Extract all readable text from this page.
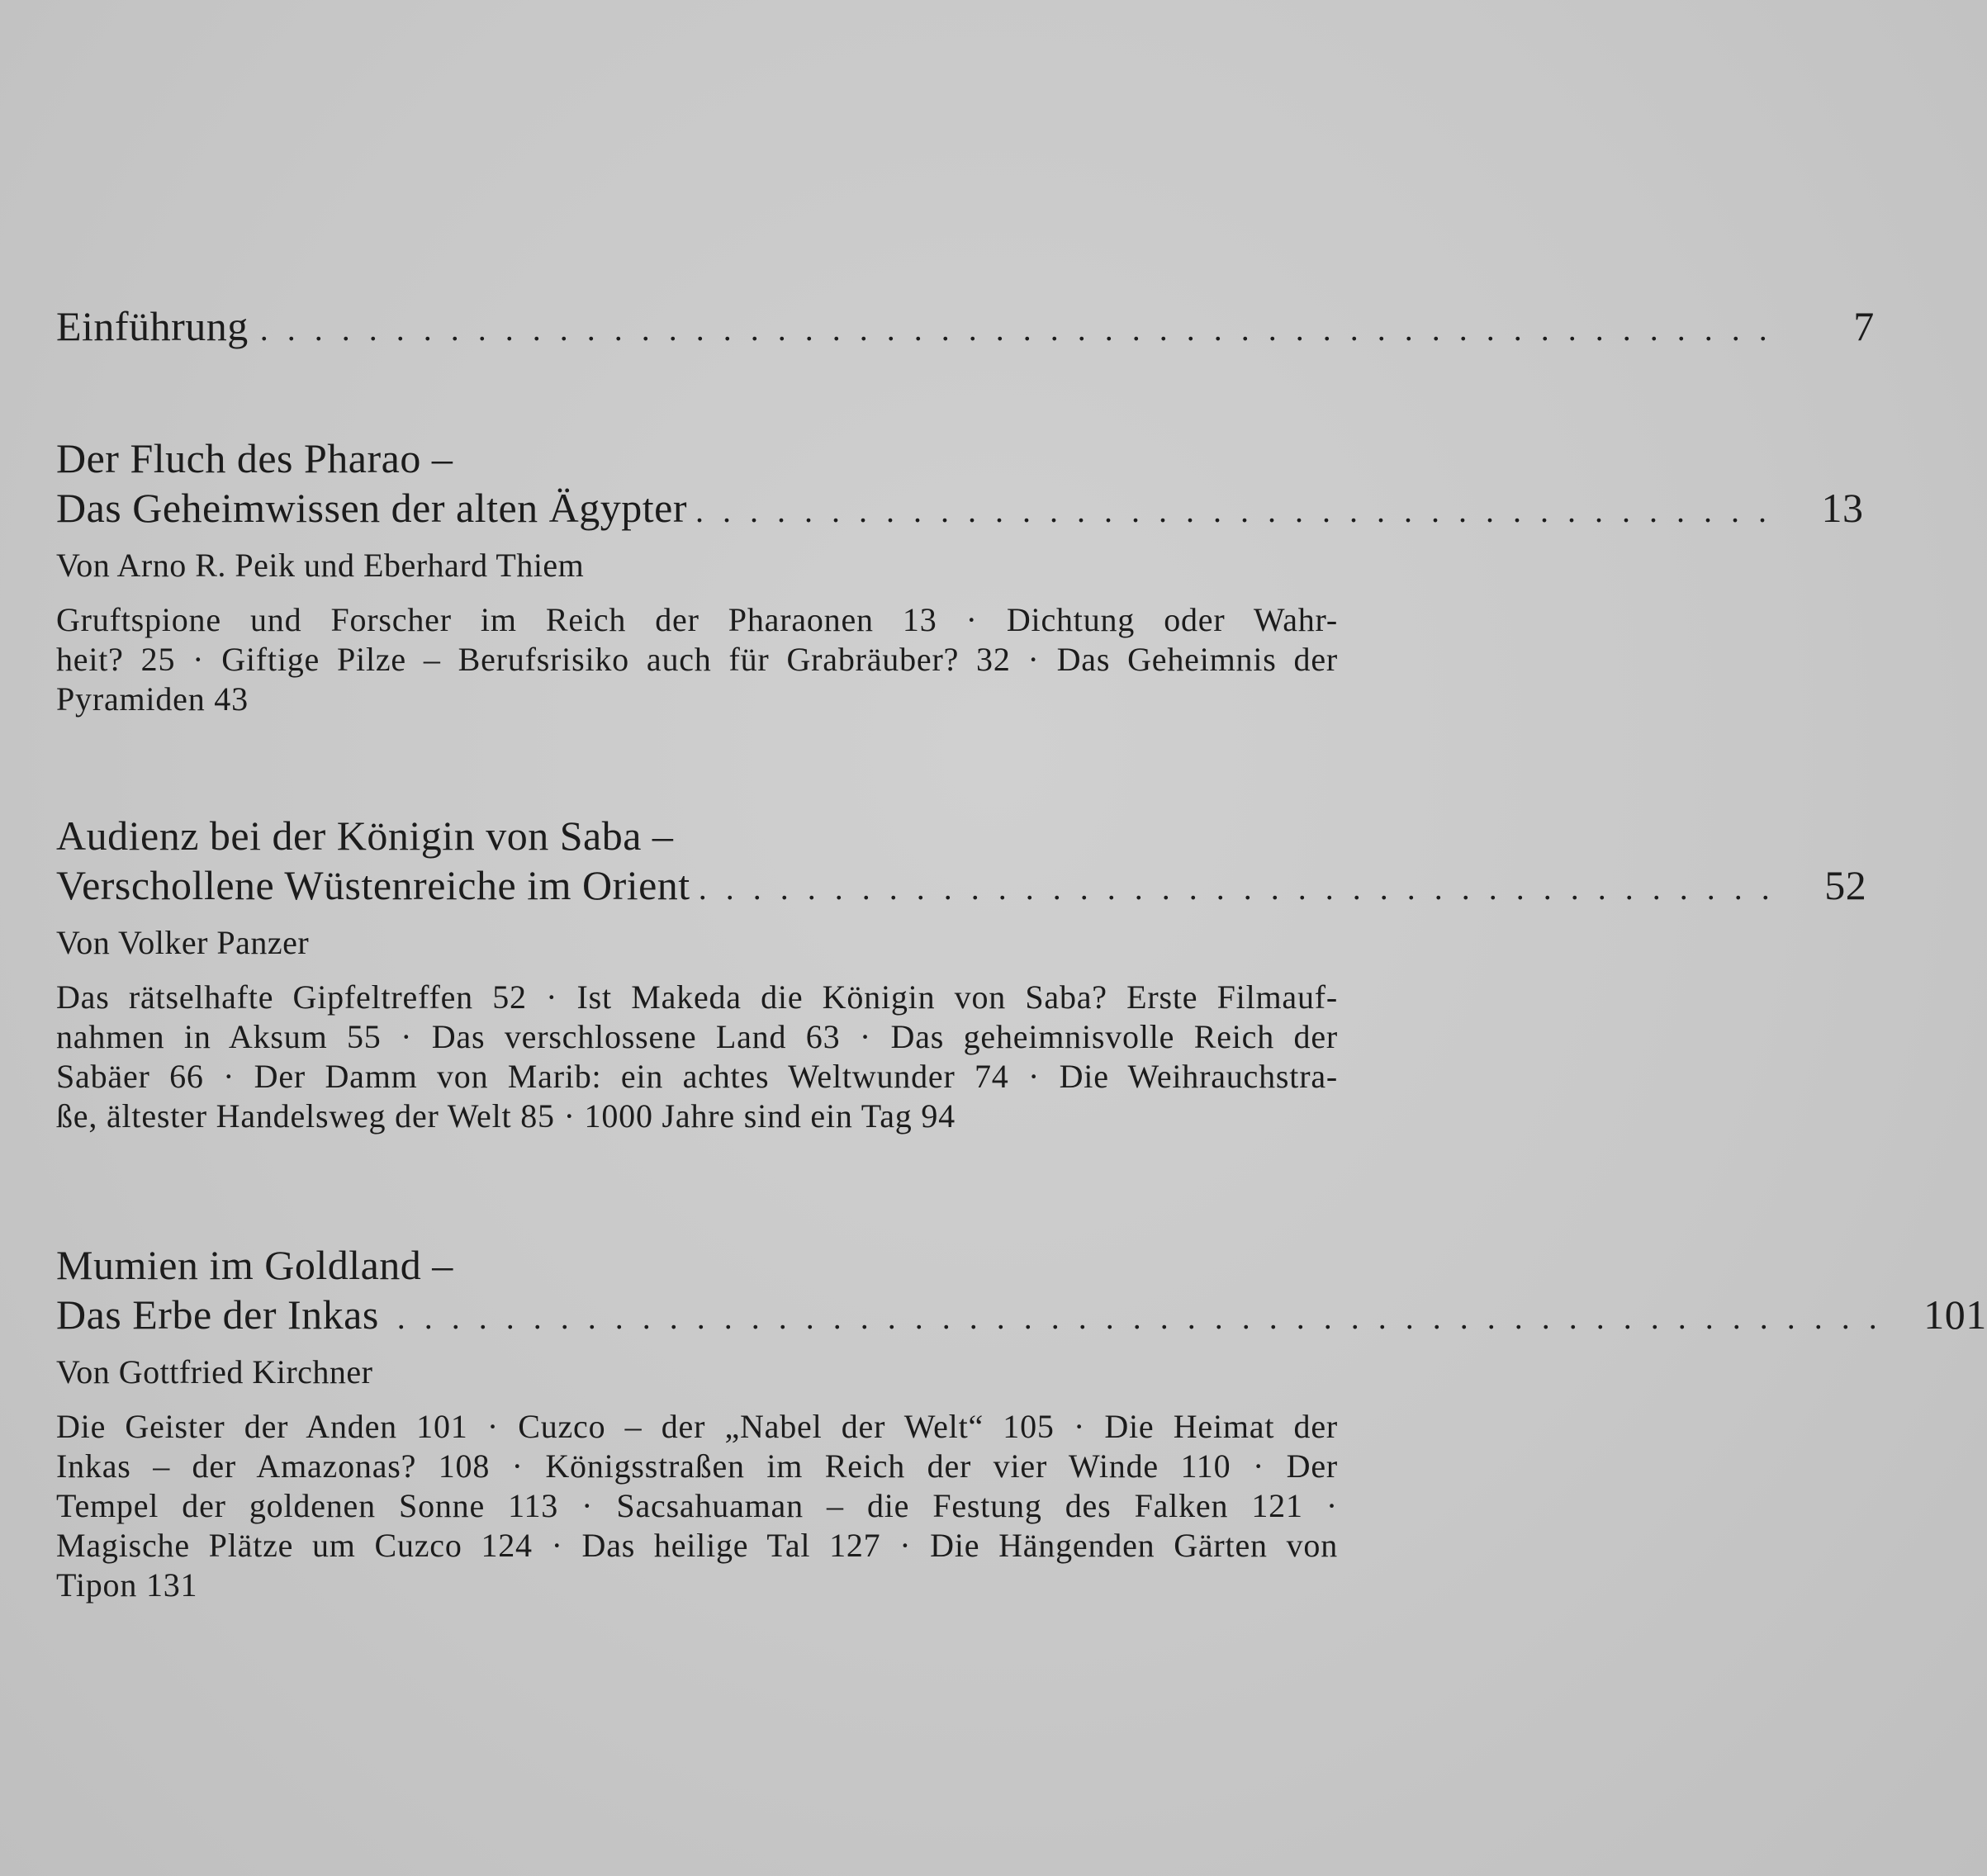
Einführung . . . . . . . . . . . . . . . . . . . . . . . . . . . . . . . . . . . . . . . . . . . . . . . . . . . . . . . . 7
Der Fluch des Pharao –
Das Geheimwissen der alten Ägypter . . . . . . . . . . . . . . . . . . . . . . . . . . . . . . . . . . . . . . . . 13
Von Arno R. Peik und Eberhard Thiem
Gruftspione und Forscher im Reich der Pharaonen 13 · Dichtung oder Wahr-
heit? 25 · Giftige Pilze – Berufsrisiko auch für Grabräuber? 32 · Das Geheimnis der
Pyramiden 43
Audienz bei der Königin von Saba –
Verschollene Wüstenreiche im Orient . . . . . . . . . . . . . . . . . . . . . . . . . . . . . . . . . . . . . . . . 52
Von Volker Panzer
Das rätselhafte Gipfeltreffen 52 · Ist Makeda die Königin von Saba? Erste Filmauf-
nahmen in Aksum 55 · Das verschlossene Land 63 · Das geheimnisvolle Reich der
Sabäer 66 · Der Damm von Marib: ein achtes Weltwunder 74 · Die Weihrauchstra-
ße, ältester Handelsweg der Welt 85 · 1000 Jahre sind ein Tag 94
Mumien im Goldland –
Das Erbe der Inkas . . . . . . . . . . . . . . . . . . . . . . . . . . . . . . . . . . . . . . . . . . . . . . . . . . . . . . . 101
Von Gottfried Kirchner
Die Geister der Anden 101 · Cuzco – der „Nabel der Welt“ 105 · Die Heimat der
Inkas – der Amazonas? 108 · Königsstraßen im Reich der vier Winde 110 · Der
Tempel der goldenen Sonne 113 · Sacsahuaman – die Festung des Falken 121 ·
Magische Plätze um Cuzco 124 · Das heilige Tal 127 · Die Hängenden Gärten von
Tipon 131
